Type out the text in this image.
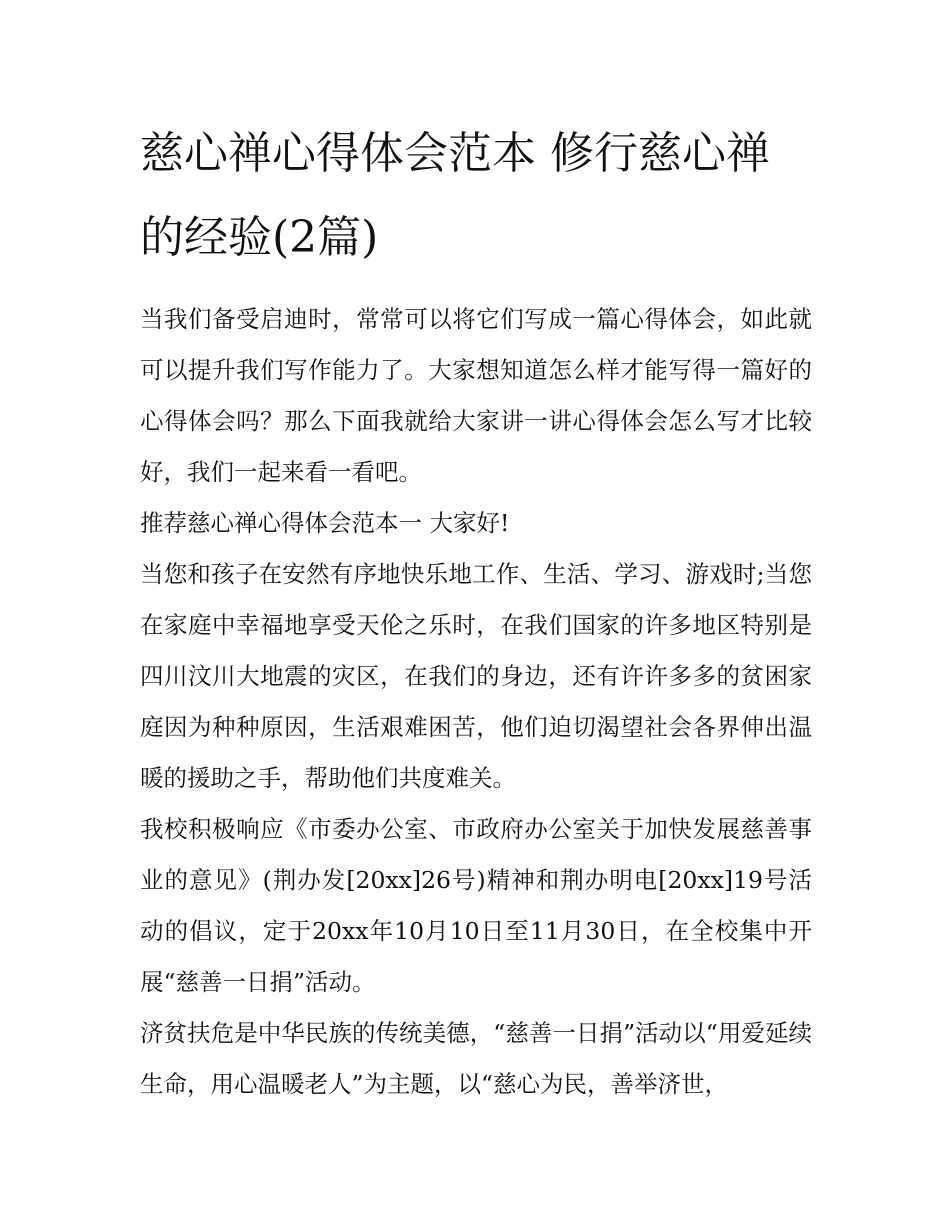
慈心禅心得体会范本 修行慈心禅的经验(2篇)

当我们备受启迪时，常常可以将它们写成一篇心得体会，如此就可以提升我们写作能力了。大家想知道怎么样才能写得一篇好的心得体会吗？那么下面我就给大家讲一讲心得体会怎么写才比较好，我们一起来看一看吧。

推荐慈心禅心得体会范本一 大家好!

当您和孩子在安然有序地快乐地工作、生活、学习、游戏时;当您在家庭中幸福地享受天伦之乐时，在我们国家的许多地区特别是四川汶川大地震的灾区，在我们的身边，还有许许多多的贫困家庭因为种种原因，生活艰难困苦，他们迫切渴望社会各界伸出温暖的援助之手，帮助他们共度难关。

我校积极响应《市委办公室、市政府办公室关于加快发展慈善事业的意见》(荆办发[20xx]26号)精神和荆办明电[20xx]19号活动的倡议，定于20xx年10月10日至11月30日，在全校集中开展“慈善一日捐”活动。

济贫扶危是中华民族的传统美德，“慈善一日捐”活动以“用爱延续生命，用心温暖老人”为主题，以“慈心为民，善举济世，
